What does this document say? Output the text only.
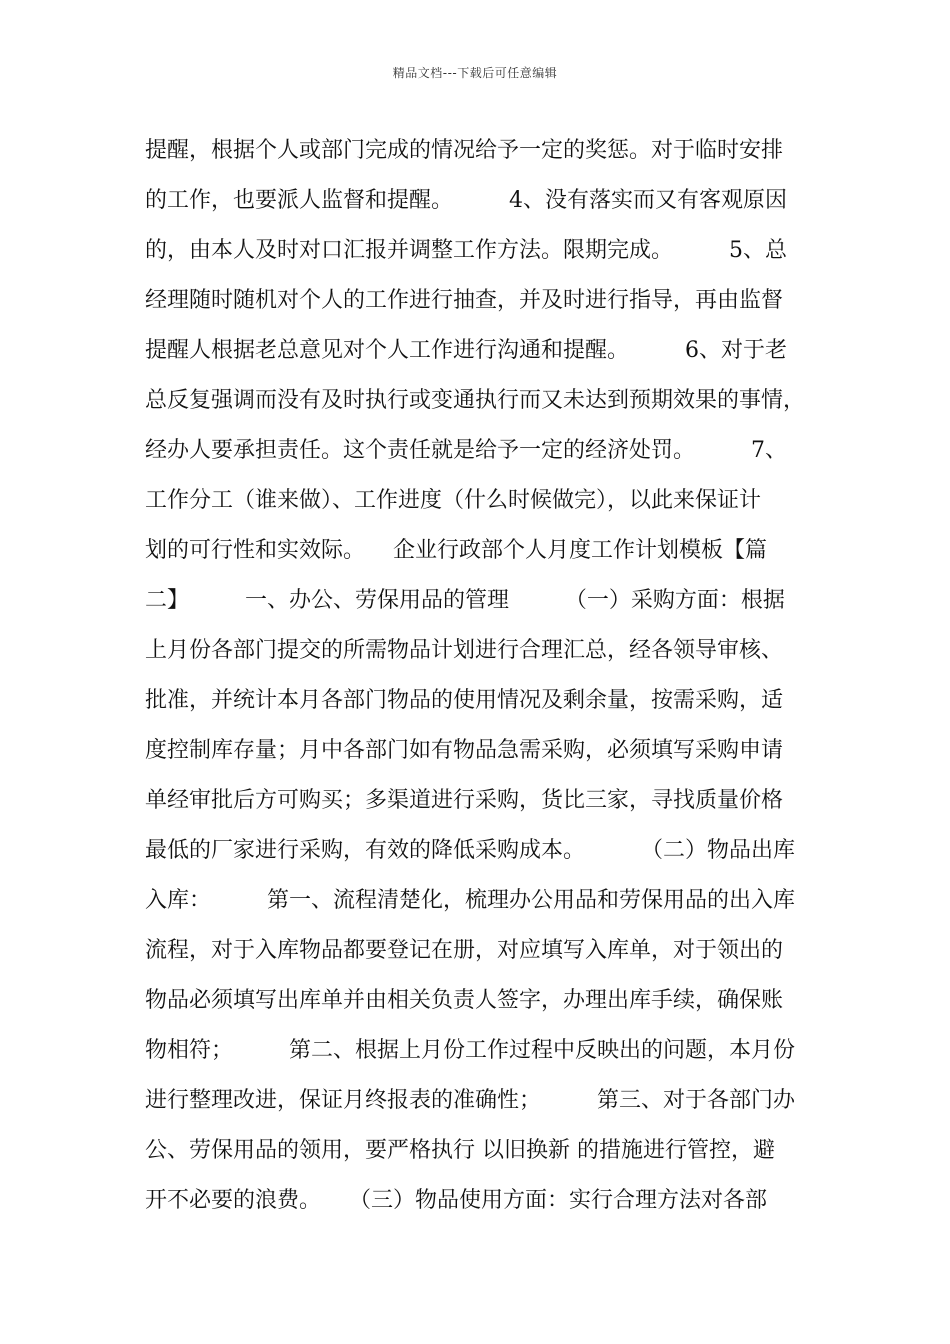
精品文档---下载后可任意编辑
提醒，根据个人或部门完成的情况给予一定的奖惩。对于临时安排
的工作，也要派人监督和提醒。        4、没有落实而又有客观原因
的，由本人及时对口汇报并调整工作方法。限期完成。        5、总
经理随时随机对个人的工作进行抽查，并及时进行指导，再由监督
提醒人根据老总意见对个人工作进行沟通和提醒。        6、对于老
总反复强调而没有及时执行或变通执行而又未达到预期效果的事情，
经办人要承担责任。这个责任就是给予一定的经济处罚。        7、
工作分工（谁来做）、工作进度（什么时候做完），以此来保证计
划的可行性和实效际。    企业行政部个人月度工作计划模板【篇
二】        一、办公、劳保用品的管理        （一）采购方面：根据
上月份各部门提交的所需物品计划进行合理汇总，经各领导审核、
批准，并统计本月各部门物品的使用情况及剩余量，按需采购，适
度控制库存量；月中各部门如有物品急需采购，必须填写采购申请
单经审批后方可购买；多渠道进行采购，货比三家，寻找质量价格
最低的厂家进行采购，有效的降低采购成本。        （二）物品出库
入库：        第一、流程清楚化，梳理办公用品和劳保用品的出入库
流程，对于入库物品都要登记在册，对应填写入库单，对于领出的
物品必须填写出库单并由相关负责人签字，办理出库手续，确保账
物相符；        第二、根据上月份工作过程中反映出的问题，本月份
进行整理改进，保证月终报表的准确性；        第三、对于各部门办
公、劳保用品的领用，要严格执行 以旧换新 的措施进行管控，避
开不必要的浪费。    （三）物品使用方面：实行合理方法对各部
